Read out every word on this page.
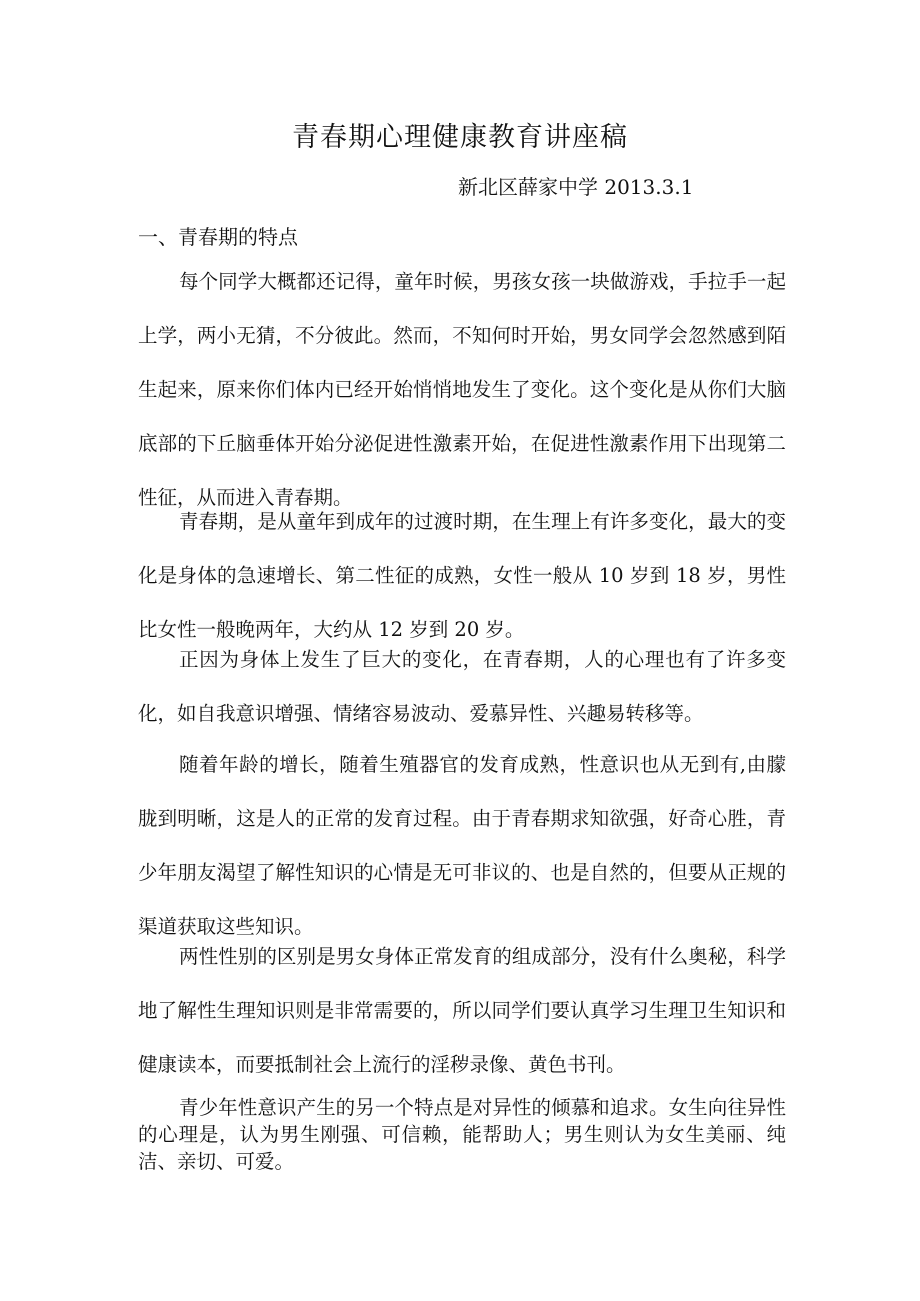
青春期心理健康教育讲座稿

新北区薛家中学 2013.3.1

一、青春期的特点

每个同学大概都还记得，童年时候，男孩女孩一块做游戏，手拉手一起上学，两小无猜，不分彼此。然而，不知何时开始，男女同学会忽然感到陌生起来，原来你们体内已经开始悄悄地发生了变化。这个变化是从你们大脑底部的下丘脑垂体开始分泌促进性激素开始，在促进性激素作用下出现第二性征，从而进入青春期。

青春期，是从童年到成年的过渡时期，在生理上有许多变化，最大的变化是身体的急速增长、第二性征的成熟，女性一般从 10 岁到 18 岁，男性比女性一般晚两年，大约从 12 岁到 20 岁。

正因为身体上发生了巨大的变化，在青春期，人的心理也有了许多变化，如自我意识增强、情绪容易波动、爱慕异性、兴趣易转移等。

随着年龄的增长，随着生殖器官的发育成熟，性意识也从无到有,由朦胧到明晰，这是人的正常的发育过程。由于青春期求知欲强，好奇心胜，青少年朋友渴望了解性知识的心情是无可非议的、也是自然的，但要从正规的渠道获取这些知识。

两性性别的区别是男女身体正常发育的组成部分，没有什么奥秘，科学地了解性生理知识则是非常需要的，所以同学们要认真学习生理卫生知识和健康读本，而要抵制社会上流行的淫秽录像、黄色书刊。

青少年性意识产生的另一个特点是对异性的倾慕和追求。女生向往异性的心理是，认为男生刚强、可信赖，能帮助人；男生则认为女生美丽、纯洁、亲切、可爱。
